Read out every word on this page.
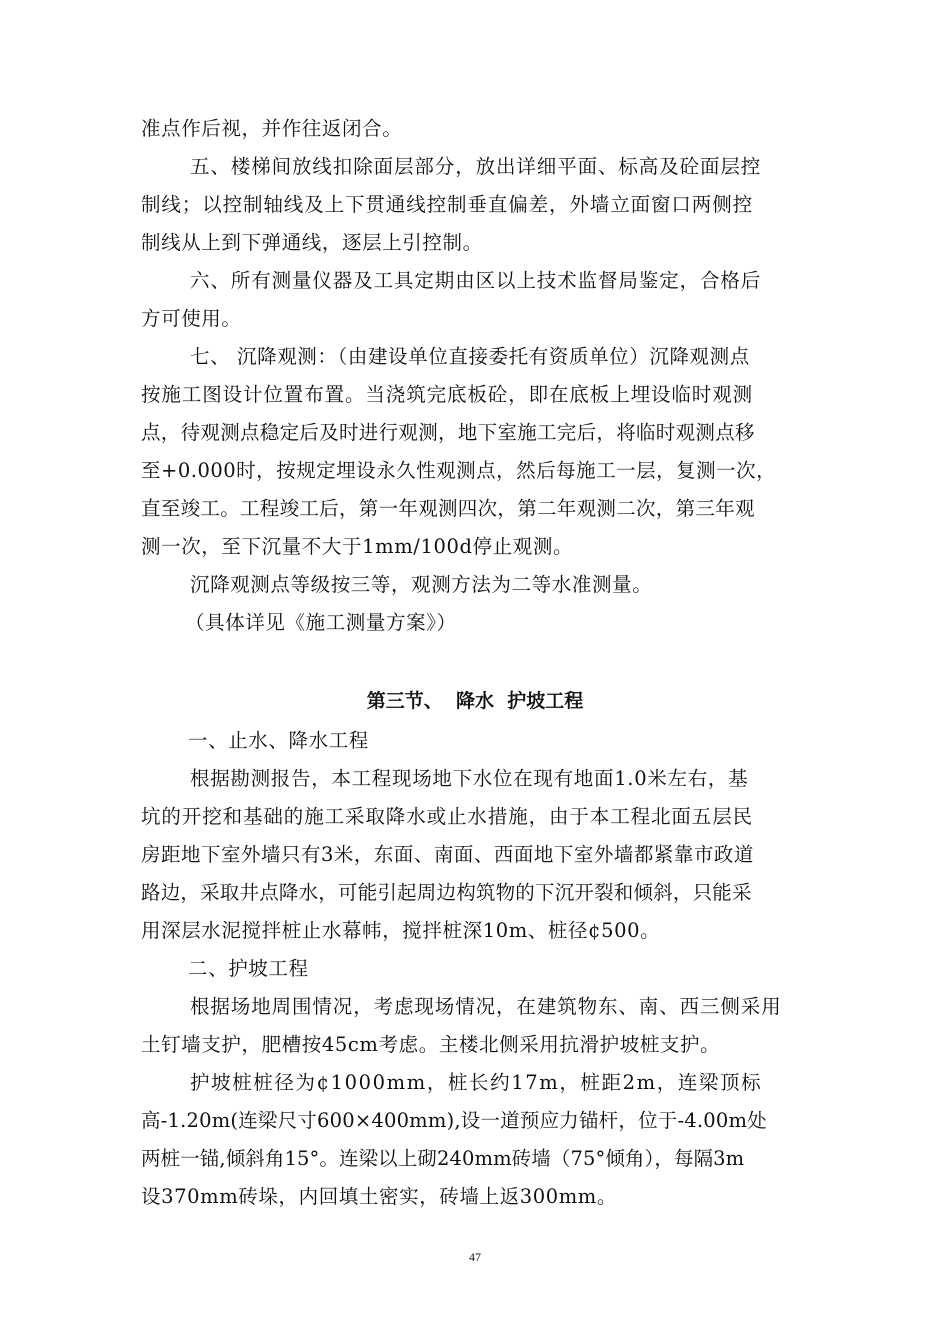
准点作后视，并作往返闭合。
五、楼梯间放线扣除面层部分，放出详细平面、标高及砼面层控
制线；以控制轴线及上下贯通线控制垂直偏差，外墙立面窗口两侧控
制线从上到下弹通线，逐层上引控制。
六、所有测量仪器及工具定期由区以上技术监督局鉴定，合格后
方可使用。
七、 沉降观测：（由建设单位直接委托有资质单位）沉降观测点
按施工图设计位置布置。当浇筑完底板砼，即在底板上埋设临时观测
点，待观测点稳定后及时进行观测，地下室施工完后，将临时观测点移
至+0.000时，按规定埋设永久性观测点，然后每施工一层，复测一次，
直至竣工。工程竣工后，第一年观测四次，第二年观测二次，第三年观
测一次，至下沉量不大于1mm/100d停止观测。
沉降观测点等级按三等，观测方法为二等水准测量。
（具体详见《施工测量方案》）
第三节、  降水  护坡工程
一、止水、降水工程
根据勘测报告，本工程现场地下水位在现有地面1.0米左右，基
坑的开挖和基础的施工采取降水或止水措施，由于本工程北面五层民
房距地下室外墙只有3米，东面、南面、西面地下室外墙都紧靠市政道
路边，采取井点降水，可能引起周边构筑物的下沉开裂和倾斜，只能采
用深层水泥搅拌桩止水幕帏，搅拌桩深10m、桩径¢500。
二、护坡工程
根据场地周围情况，考虑现场情况，在建筑物东、南、西三侧采用
土钉墙支护，肥槽按45cm考虑。主楼北侧采用抗滑护坡桩支护。
护坡桩桩径为¢1000mm，桩长约17m，桩距2m，连梁顶标
高-1.20m(连梁尺寸600×400mm),设一道预应力锚杆，位于-4.00m处
两桩一锚,倾斜角15°。连梁以上砌240mm砖墙（75°倾角），每隔3m
设370mm砖垛，内回填土密实，砖墙上返300mm。
47
